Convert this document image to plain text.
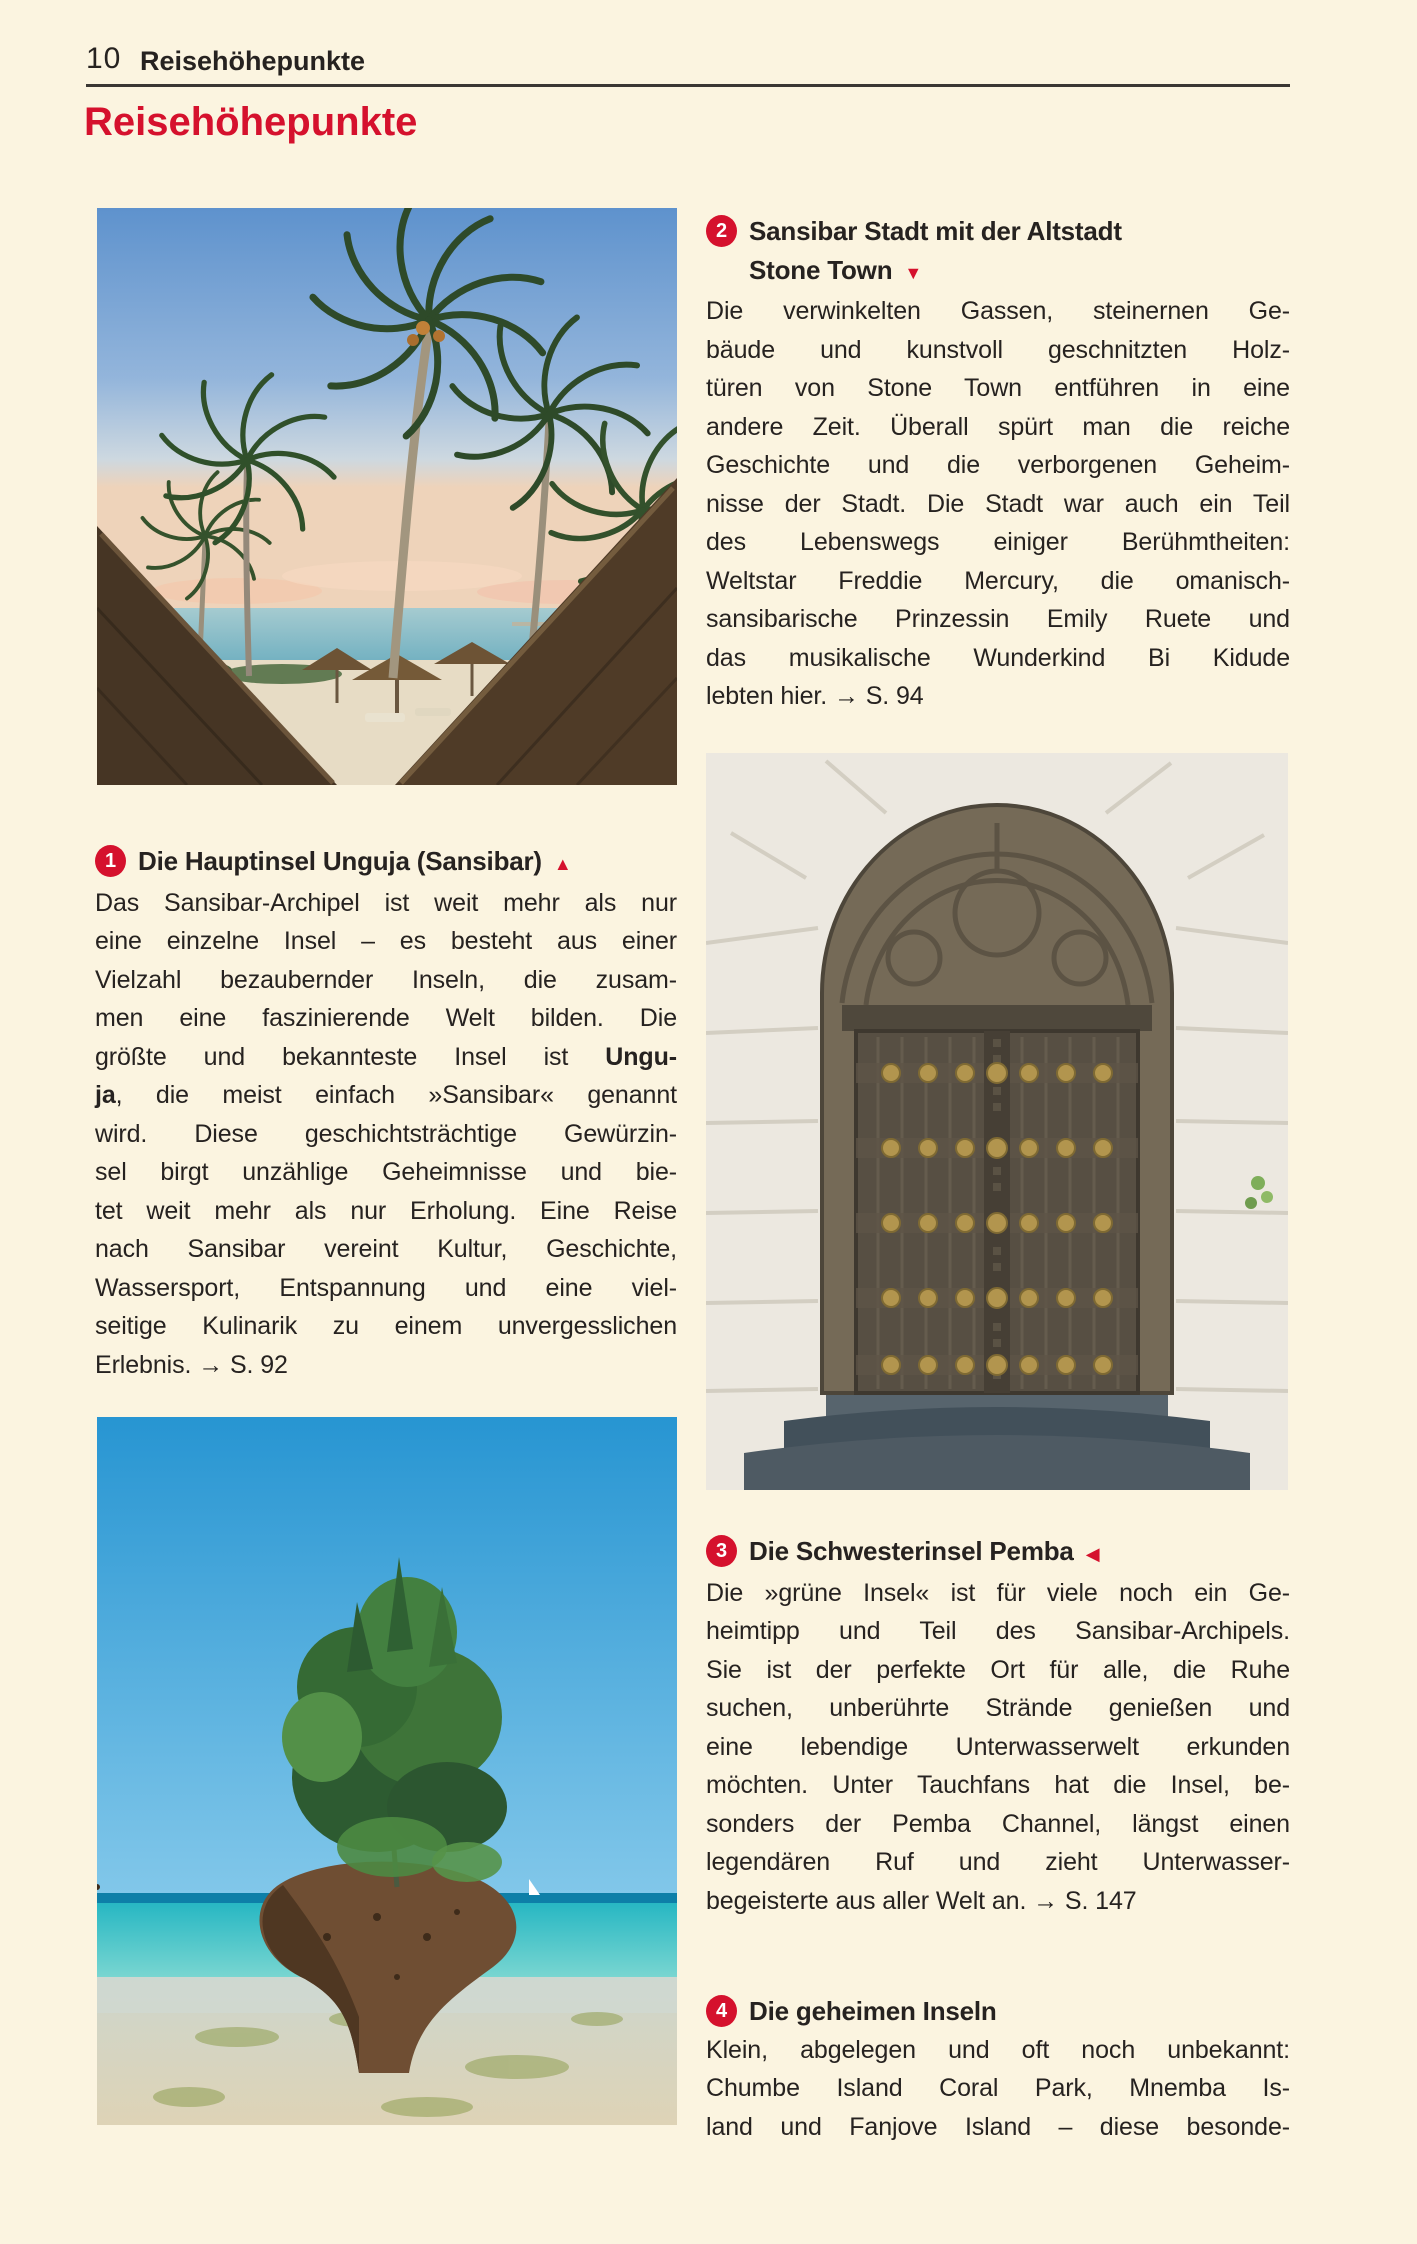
10 Reisehöhepunkte
Reisehöhepunkte
2 Sansibar Stadt mit der Altstadt
Stone Town ▼
Die verwinkelten Gassen, steinernen Ge-
bäude und kunstvoll geschnitzten Holz-
türen von Stone Town entführen in eine
andere Zeit. Überall spürt man die reiche
Geschichte und die verborgenen Geheim-
nisse der Stadt. Die Stadt war auch ein Teil
des Lebenswegs einiger Berühmtheiten:
Weltstar Freddie Mercury, die omanisch-
sansibarische Prinzessin Emily Ruete und
das musikalische Wunderkind Bi Kidude
lebten hier. → S. 94
1 Die Hauptinsel Unguja (Sansibar) ▲
Das Sansibar-Archipel ist weit mehr als nur
eine einzelne Insel – es besteht aus einer
Vielzahl bezaubernder Inseln, die zusam-
men eine faszinierende Welt bilden. Die
größte und bekannteste Insel ist Ungu-
ja, die meist einfach »Sansibar« genannt
wird. Diese geschichtsträchtige Gewürzin-
sel birgt unzählige Geheimnisse und bie-
tet weit mehr als nur Erholung. Eine Reise
nach Sansibar vereint Kultur, Geschichte,
Wassersport, Entspannung und eine viel-
seitige Kulinarik zu einem unvergesslichen
Erlebnis. → S. 92
3 Die Schwesterinsel Pemba ◀
Die »grüne Insel« ist für viele noch ein Ge-
heimtipp und Teil des Sansibar-Archipels.
Sie ist der perfekte Ort für alle, die Ruhe
suchen, unberührte Strände genießen und
eine lebendige Unterwasserwelt erkunden
möchten. Unter Tauchfans hat die Insel, be-
sonders der Pemba Channel, längst einen
legendären Ruf und zieht Unterwasser-
begeisterte aus aller Welt an. → S. 147
4 Die geheimen Inseln
Klein, abgelegen und oft noch unbekannt:
Chumbe Island Coral Park, Mnemba Is-
land und Fanjove Island – diese besonde-
